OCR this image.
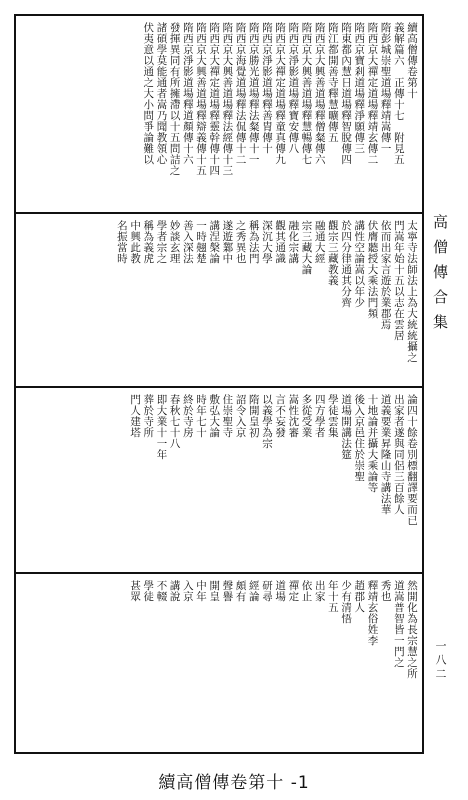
續高僧傳卷第十
義解篇六　正傳十七　附見五
隋彭城崇聖道場釋靖嵩傳一
隋西京大禪定道場釋靖玄傳二
隋西京寶剎道場釋淨願傳三
隋東都內慧日道場釋智脫傳四
隋江都開善寺釋慧曠傳五
隋西京大興善道場釋僧粲傳六
隋西京大興善道場釋慧暢傳七
隋西京淨影道場釋寶安傳八
隋西京大禪定道場釋童真傳九
隋西京淨影道場釋善胄傳十
隋西京勝光道場釋法粲傳十一
隋西京海覺道場釋法侃傳十二
隋西京大興善道場釋法經傳十三
隋西京大禪定道場釋靈幹傳十四
隋西京大興善道場釋辯義傳十五
隋西京淨影道場釋道顏傳十六
發揮異同有所擁滯以十五問詰之
諸碩學莫能通者嵩乃聞教領心
伏夷意以通之大小問爭論難以
太寧寺法師法上為大統統攝之
門嵩年始十五以志在雲居
依而出家言遊於業郡焉
伏膺聽授大乘法門頻
講性空論嵩以年少
於四分律通其分齊
觀宗三藏教義
融通大經
宗三藏大論
融化宗講
觀其通識
深沉大學
稱為法門
之秀異也
遂遊鄴中
講涅槃論
一時翹楚
善入深法
妙談玄理
學者宗之
稱為義虎
中興此教
名振當時
論四十餘卷別標翻譯要而已
出家者遂與同侶三百餘人
道義要業昇隆山寺講法華
十地論并攝大乘論等
後入京邑住於崇聖
道場開講法筵
學徒雲集
四方學者
多從受業
嵩性沈審
言不妄發
以義學為宗
隋開皇初
詔令入京
住崇聖寺
敷弘大論
時年七十
終於寺房
春秋七十八
即大業十一年
葬於寺所
門人建塔
然開化為長宗慧之所
道嵩普智皆一門之
秀也
釋靖玄俗姓李
趙郡人
少有清悟
年十五
出家
依止
禪定
道場
研尋
經論
頗有
聲譽
開皇
中年
入京
講說
不輟
學徒
甚眾
高僧傳合集
一八二
續高僧傳卷第十 -1
